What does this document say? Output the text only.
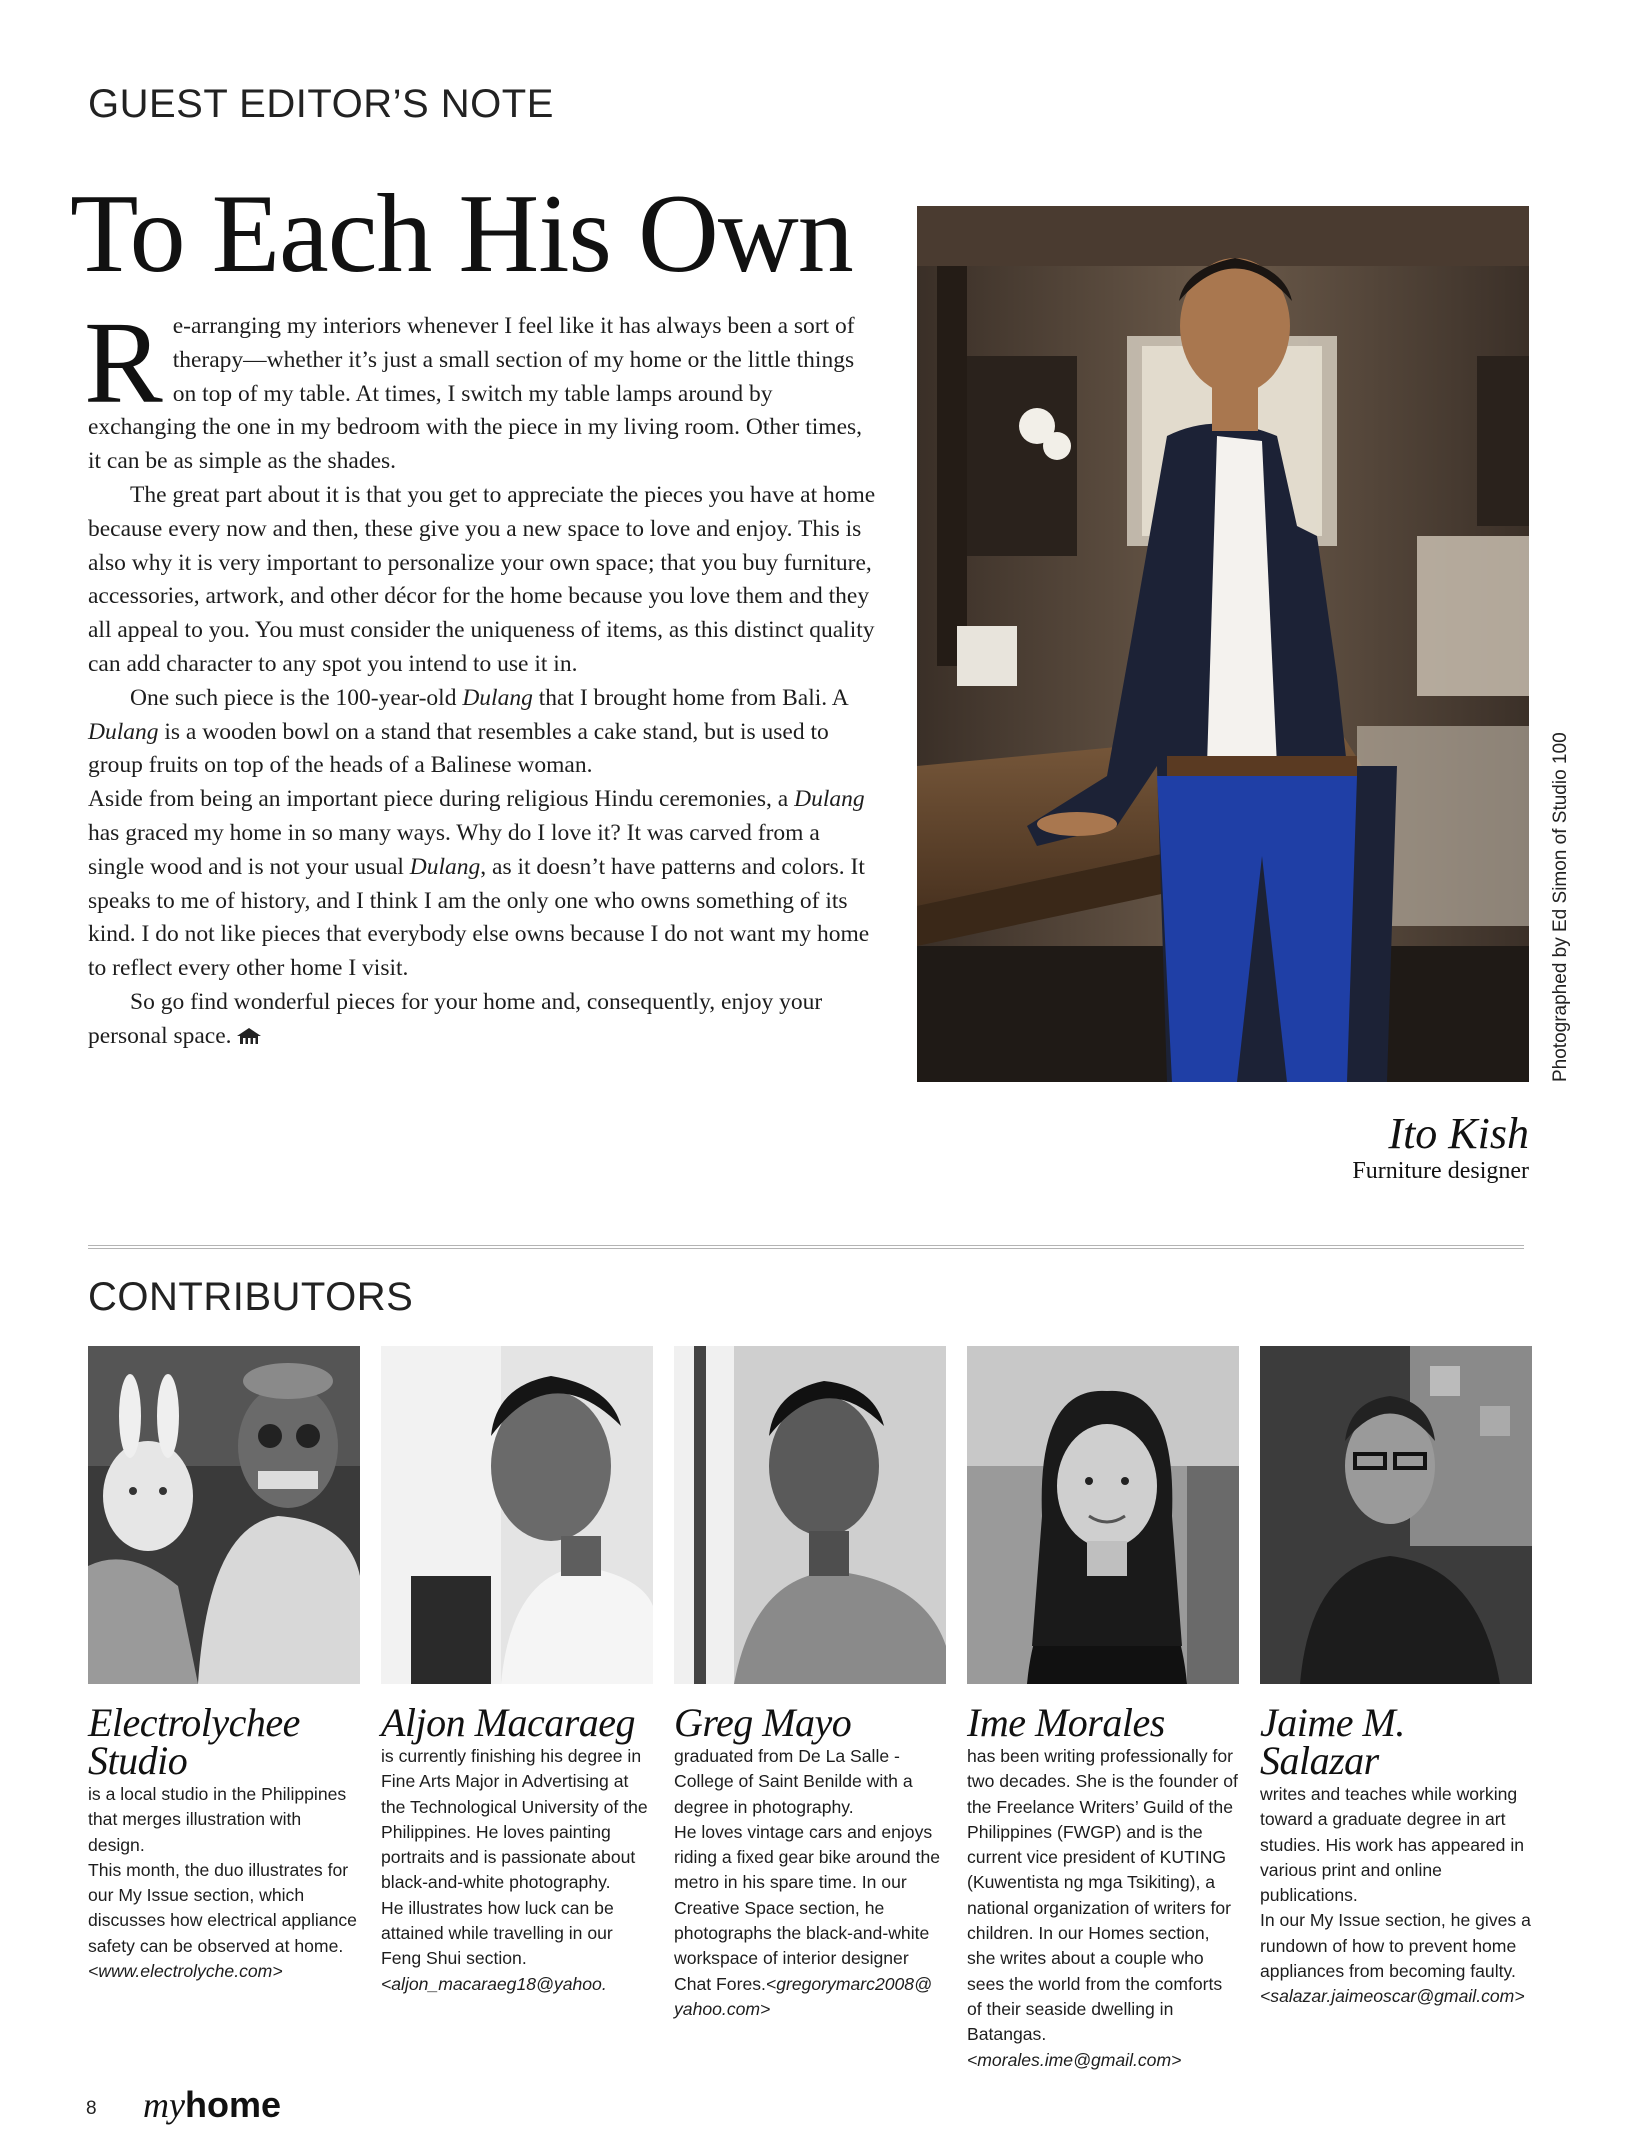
GUEST EDITOR’S NOTE
To Each His Own

Re-arranging my interiors whenever I feel like it has always been a sort of therapy—whether it’s just a small section of my home or the little things on top of my table. At times, I switch my table lamps around by exchanging the one in my bedroom with the piece in my living room. Other times, it can be as simple as the shades.

The great part about it is that you get to appreciate the pieces you have at home because every now and then, these give you a new space to love and enjoy. This is also why it is very important to personalize your own space; that you buy furniture, accessories, artwork, and other décor for the home because you love them and they all appeal to you. You must consider the uniqueness of items, as this distinct quality can add character to any spot you intend to use it in.

One such piece is the 100-year-old Dulang that I brought home from Bali. A Dulang is a wooden bowl on a stand that resembles a cake stand, but is used to group fruits on top of the heads of a Balinese woman.

Aside from being an important piece during religious Hindu ceremonies, a Dulang has graced my home in so many ways. Why do I love it? It was carved from a single wood and is not your usual Dulang, as it doesn’t have patterns and colors. It speaks to me of history, and I think I am the only one who owns something of its kind. I do not like pieces that everybody else owns because I do not want my home to reflect every other home I visit.

So go find wonderful pieces for your home and, consequently, enjoy your personal space.	Photographed by Ed Simon of Studio 100
Ito Kish
Furniture designer
CONTRIBUTORS
Electrolychee Studio

is a local studio in the Philippines that merges illustration with design.

This month, the duo illustrates for our My Issue section, which discusses how electrical appliance safety can be observed at home.

<www.electrolyche.com>

Aljon Macaraeg

is currently finishing his degree in Fine Arts Major in Advertising at the Technological University of the Philippines. He loves painting portraits and is passionate about black-and-white photography.

He illustrates how luck can be attained while travelling in our Feng Shui section.

<aljon_macaraeg18@yahoo.

Greg Mayo

graduated from De La Salle - College of Saint Benilde with a degree in photography.

He loves vintage cars and enjoys riding a fixed gear bike around the metro in his spare time. In our Creative Space section, he photographs the black-and-white workspace of interior designer Chat Fores.<gregorymarc2008@ yahoo.com>

Ime Morales

has been writing professionally for two decades. She is the founder of the Freelance Writers’ Guild of the Philippines (FWGP) and is the current vice president of KUTING (Kuwentista ng mga Tsikiting), a national organization of writers for children. In our Homes section, she writes about a couple who sees the world from the comforts of their seaside dwelling in Batangas.

<morales.ime@gmail.com>

Jaime M. Salazar

writes and teaches while working toward a graduate degree in art studies. His work has appeared in various print and online publications.

In our My Issue section, he gives a rundown of how to prevent home appliances from becoming faulty.

<salazar.jaimeoscar@gmail.com>

8 myhome
